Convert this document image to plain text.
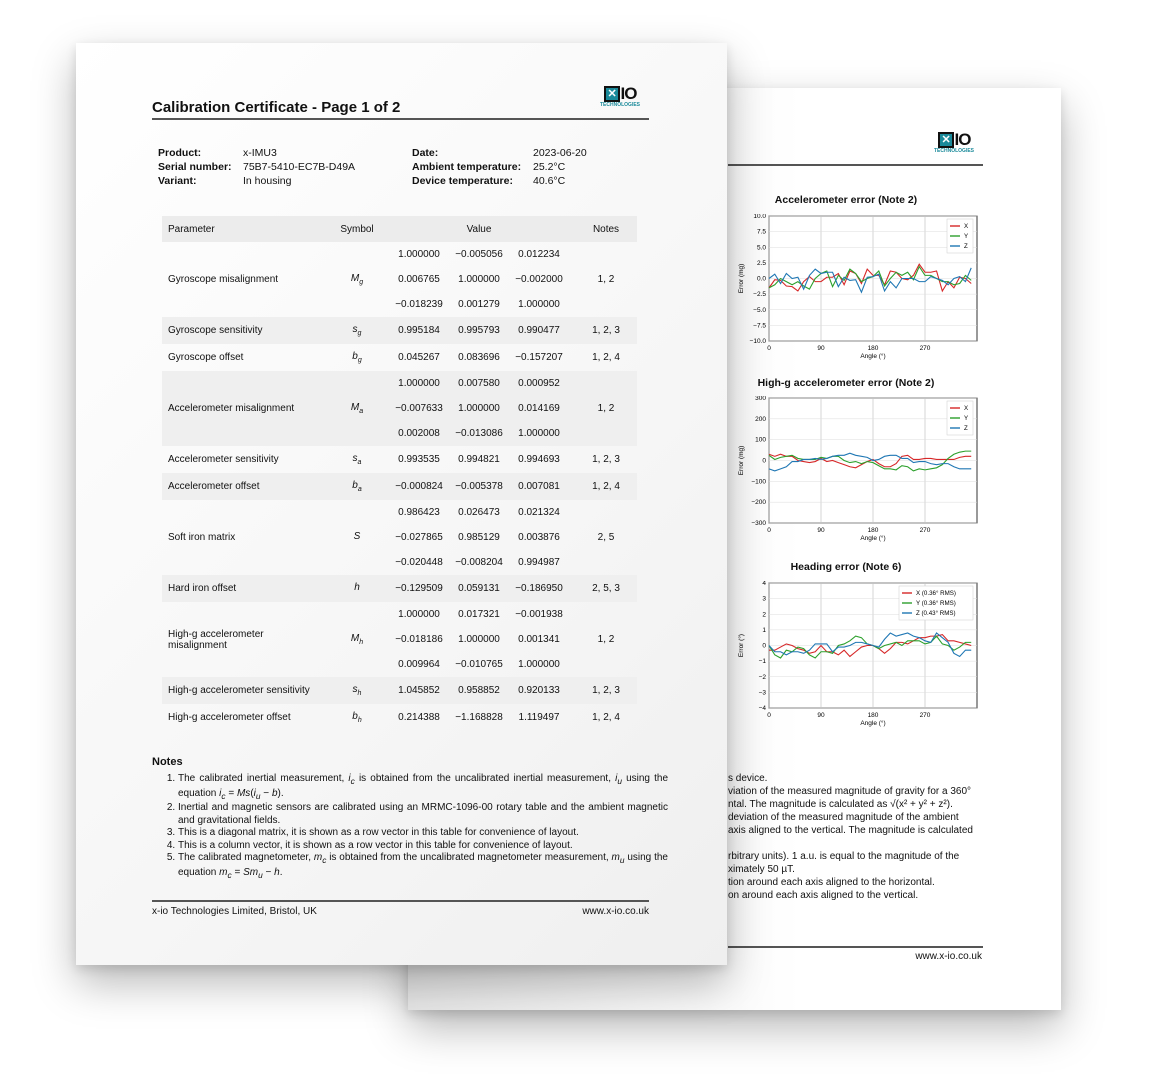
✕
IO
TECHNOLOGIES
Accelerometer error (Note 2)
0	90	180	270
−10.0
−7.5
−5.0
−2.5
0.0
2.5
5.0
7.5
10.0
X
Y
Z
Angle (°)
Error (mg)
High-g accelerometer error (Note 2)
0	90	180	270
−300
−200
−100
0
100
200
300
X
Y
Z
Angle (°)
Error (mg)
Heading error (Note 6)
0	90	180	270
−4
−3
−2
−1
0
1
2
3
4
X (0.36° RMS)
Y (0.36° RMS)
Z (0.43° RMS)
Angle (°)
Error (°)
s device.
viation of the measured magnitude of gravity for a 360°
ntal. The magnitude is calculated as √(x² + y² + z²).
deviation of the measured magnitude of the ambient
axis aligned to the vertical. The magnitude is calculated
rbitrary units). 1 a.u. is equal to the magnitude of the
ximately 50 µT.
tion around each axis aligned to the horizontal.
on around each axis aligned to the vertical.
www.x-io.co.uk
Calibration Certificate - Page 1 of 2
✕
IO
TECHNOLOGIES
Product:	x-IMU3
Serial number: 75B7-5410-EC7B-D49A
Variant:	In housing
Date:	2023-06-20
Ambient temperature: 25.2°C
Device temperature: 40.6°C
Parameter	Symbol	Value	Notes
Gyroscope misalignment	$M_g$	
1.000000	−0.005056	0.012234
0.006765	1.000000	−0.002000
−0.018239	0.001279	1.000000
	1, 2
Gyroscope sensitivity	$s_g$	0.995184 0.995793 0.990477	1, 2, 3
Gyroscope offset	$b_g$	0.045267 0.083696 −0.157207	1, 2, 4
Accelerometer misalignment	$M_a$	
1.000000	0.007580	0.000952
−0.007633	1.000000	0.014169
0.002008	−0.013086	1.000000
	1, 2
Accelerometer sensitivity	$s_a$	0.993535 0.994821 0.994693	1, 2, 3
Accelerometer offset	$b_a$	−0.000824 −0.005378 0.007081	1, 2, 4
Soft iron matrix	S	
0.986423	0.026473	0.021324
−0.027865	0.985129	0.003876
−0.020448	−0.008204	0.994987
	2, 5
Hard iron offset	h	−0.129509 0.059131 −0.186950	2, 5, 3
High-g accelerometer misalignment	$M_h$	
1.000000	0.017321	−0.001938
−0.018186	1.000000	0.001341
0.009964	−0.010765	1.000000
	1, 2
High-g accelerometer sensitivity	$s_h$	1.045852 0.958852 0.920133	1, 2, 3
High-g accelerometer offset	$b_h$	0.214388 −1.168828 1.119497	1, 2, 4
Notes
1. The calibrated inertial measurement, $i_c$ is obtained from the uncalibrated inertial measurement, $i_u$ using the equation $i_c = Ms(i_u - b)$.
2. Inertial and magnetic sensors are calibrated using an MRMC-1096-00 rotary table and the ambient magnetic and gravitational fields.
3. This is a diagonal matrix, it is shown as a row vector in this table for convenience of layout.
4. This is a column vector, it is shown as a row vector in this table for convenience of layout.
5. The calibrated magnetometer, $m_c$ is obtained from the uncalibrated magnetometer measurement, $m_u$ using the equation $m_c = Sm_u - h$.
x-io Technologies Limited, Bristol, UK	www.x-io.co.uk
